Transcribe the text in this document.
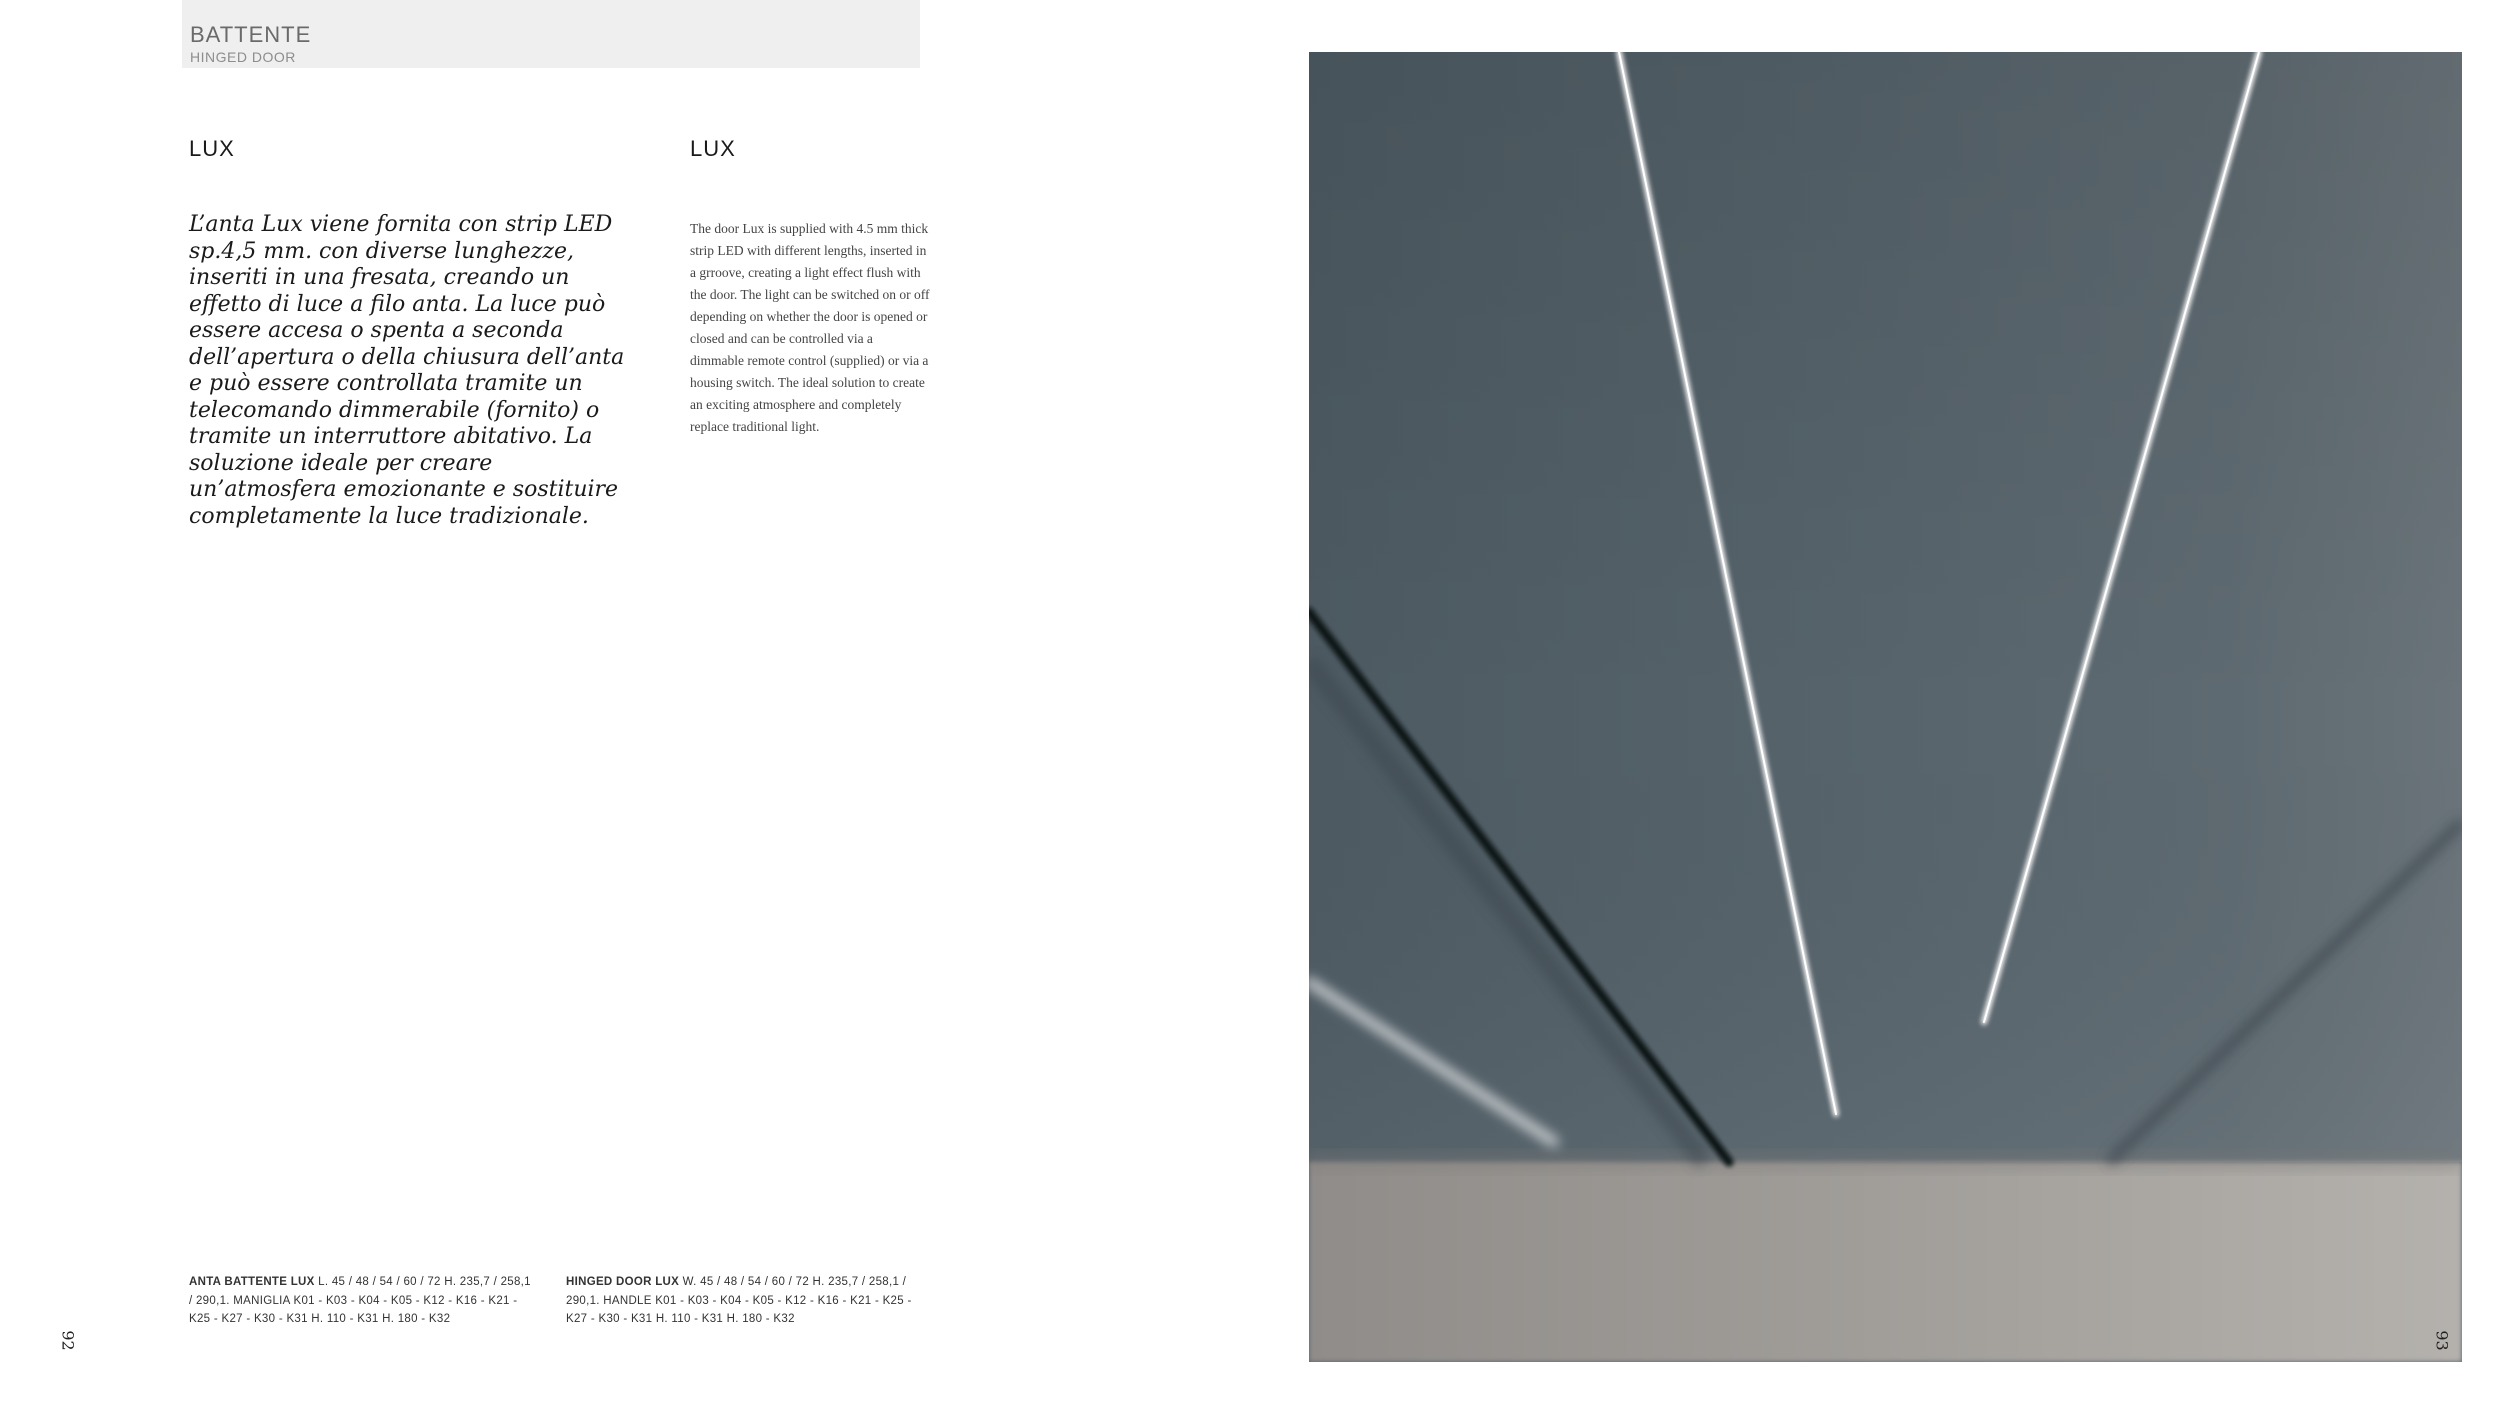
BATTENTE
HINGED DOOR
LUX	LUX
L’anta Lux viene fornita con strip LED sp.4,5 mm. con diverse lunghezze, inseriti in una fresata, creando un effetto di luce a filo anta. La luce può essere accesa o spenta a seconda dell’apertura o della chiusura dell’anta e può essere controllata tramite un telecomando dimmerabile (fornito) o tramite un interruttore abitativo. La soluzione ideale per creare un’atmosfera emozionante e sostituire completamente la luce tradizionale.
The door Lux is supplied with 4.5 mm thick strip LED with different lengths, inserted in a grroove, creating a light effect flush with the door. The light can be switched on or off depending on whether the door is opened or closed and can be controlled via a dimmable remote control (supplied) or via a housing switch. The ideal solution to create an exciting atmosphere and completely replace traditional light.
ANTA BATTENTE LUX L. 45 / 48 / 54 / 60 / 72 H. 235,7 / 258,1 / 290,1. MANIGLIA K01 - K03 - K04 - K05 - K12 - K16 - K21 - K25 - K27 - K30 - K31 H. 110 - K31 H. 180 - K32
HINGED DOOR LUX W. 45 / 48 / 54 / 60 / 72 H. 235,7 / 258,1 / 290,1. HANDLE K01 - K03 - K04 - K05 - K12 - K16 - K21 - K25 - K27 - K30 - K31 H. 110 - K31 H. 180 - K32
92	93
